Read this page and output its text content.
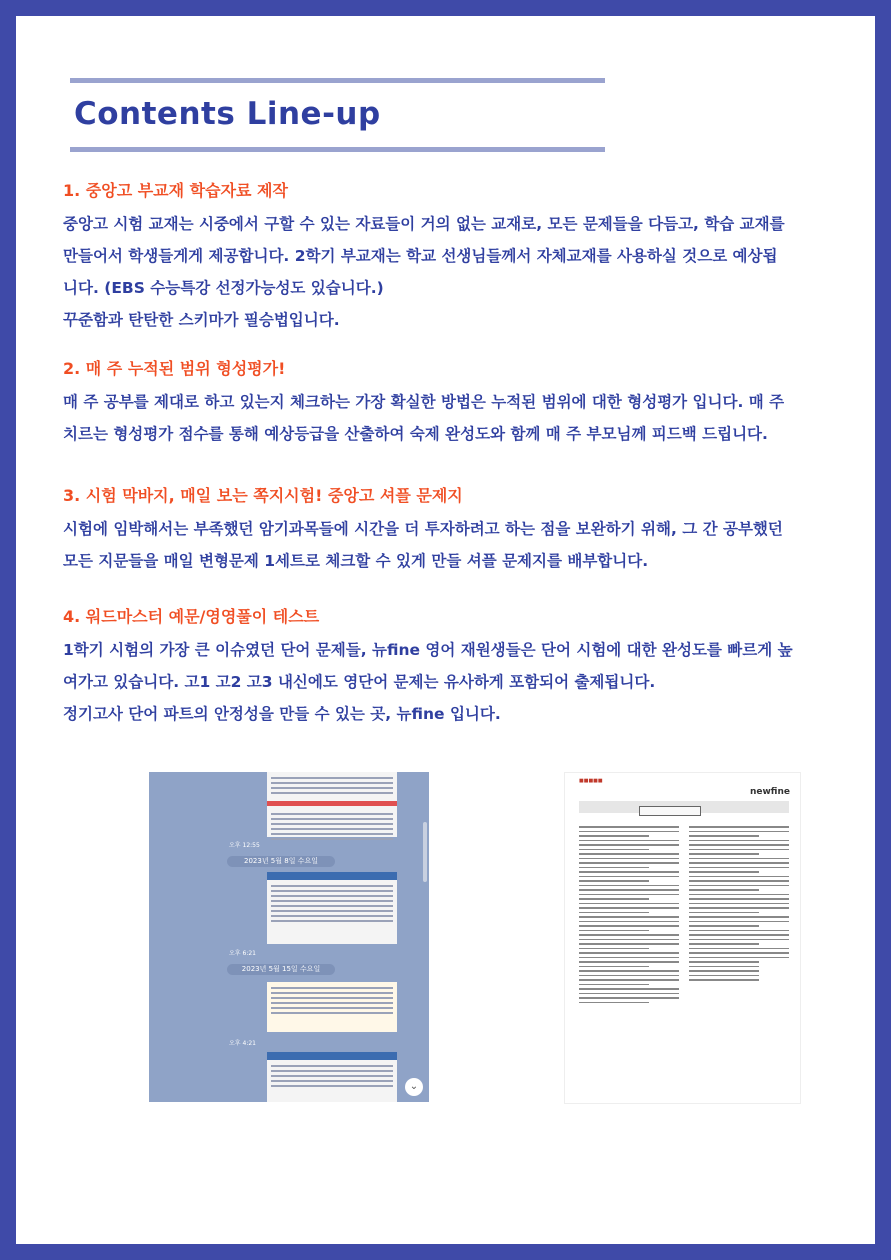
Contents Line-up
1. 중앙고 부교재 학습자료 제작

중앙고 시험 교재는 시중에서 구할 수 있는 자료들이 거의 없는 교재로, 모든 문제들을 다듬고, 학습 교재를

만들어서 학생들게게 제공합니다. 2학기 부교재는 학교 선생님들께서 자체교재를 사용하실 것으로 예상됩

니다. (EBS 수능특강 선정가능성도 있습니다.)

꾸준함과 탄탄한 스키마가 필승법입니다.

2. 매 주 누적된 범위 형성평가!

매 주 공부를 제대로 하고 있는지 체크하는 가장 확실한 방법은 누적된 범위에 대한 형성평가 입니다. 매 주

치르는 형성평가 점수를 통해 예상등급을 산출하여 숙제 완성도와 함께 매 주 부모님께 피드백 드립니다.

3. 시험 막바지, 매일 보는 쪽지시험! 중앙고 셔플 문제지

시험에 임박해서는 부족했던 암기과목들에 시간을 더 투자하려고 하는 점을 보완하기 위해, 그 간 공부했던

모든 지문들을 매일 변형문제 1세트로 체크할 수 있게 만들 셔플 문제지를 배부합니다.

4. 워드마스터 예문/영영풀이 테스트

1학기 시험의 가장 큰 이슈였던 단어 문제들, 뉴fine 영어 재원생들은 단어 시험에 대한 완성도를 빠르게 높

여가고 있습니다. 고1 고2 고3 내신에도 영단어 문제는 유사하게 포함되어 출제됩니다.

정기고사 단어 파트의 안정성을 만들 수 있는 곳, 뉴fine 입니다.

오후 12:55
2023년 5월 8일 수요일
오후 6:21
2023년 5월 15일 수요일
오후 4:21
⌄
■■■■■
newfine
